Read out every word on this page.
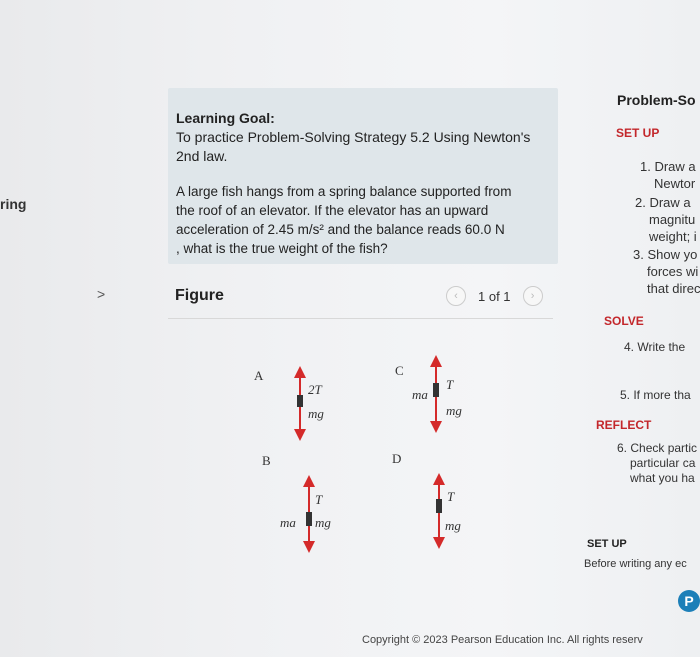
ring
>
Learning Goal:
To practice Problem-Solving Strategy 5.2 Using Newton's
2nd law.
A large fish hangs from a spring balance supported from
the roof of an elevator. If the elevator has an upward
acceleration of 2.45 m/s² and the balance reads 60.0 N
, what is the true weight of the fish?
Figure	‹	1 of 1	›
A
2T
mg
C
ma
T
mg
B
ma
T
mg
D
T
mg
Problem-So
SET UP
1. Draw a
Newtor
2. Draw a
magnitu
weight; i
3. Show yo
forces wi
that direc
SOLVE
4. Write the
5. If more tha
REFLECT
6. Check partic
particular ca
what you ha
SET UP
Before writing any ec
P
Copyright © 2023 Pearson Education Inc. All rights reserv
